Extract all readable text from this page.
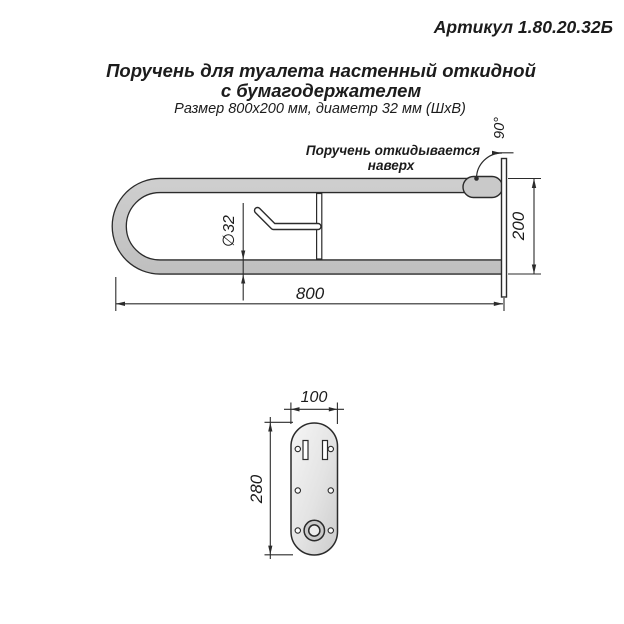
Артикул 1.80.20.32Б
Поручень для туалета настенный откидной
с бумагодержателем
Размер 800х200 мм, диаметр 32 мм (ШхВ)
Поручень откидывается
наверх
800
100
∅32	200
280
90°
